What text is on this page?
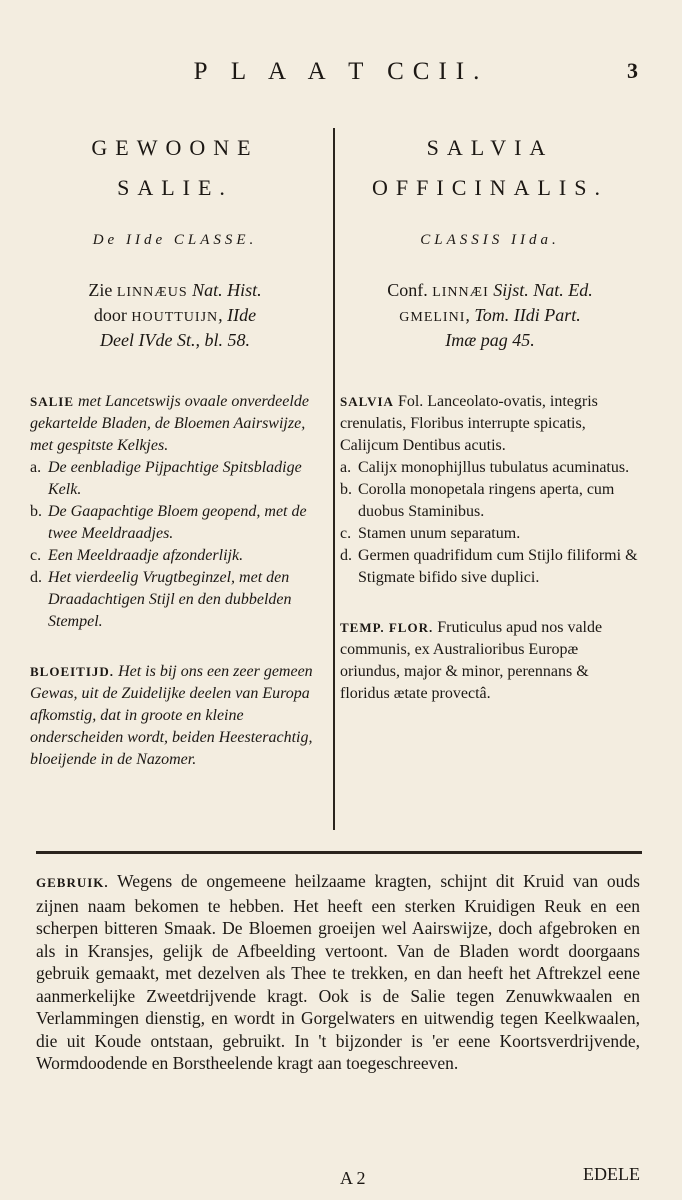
P L A A T CCII.	3
GEWOONE
SALIE.
De IIde CLASSE.
Zie LINNÆUS Nat. Hist.
door HOUTTUIJN, IIde
Deel IVde St., bl. 58.

SALIE met Lancetswijs ovaale onverdeelde gekartelde Bladen, de Bloemen Aairswijze, met gespitste Kelkjes.

a. De eenbladige Pijpachtige Spitsbladige Kelk.
b. De Gaapachtige Bloem geopend, met de twee Meeldraadjes.
c. Een Meeldraadje afzonderlijk.
d. Het vierdeelig Vrugtbeginzel, met den Draadachtigen Stijl en den dubbelden Stempel.
BLOEITIJD. Het is bij ons een zeer gemeen Gewas, uit de Zuidelijke deelen van Europa afkomstig, dat in groote en kleine onderscheiden wordt, beiden Heesterachtig, bloeijende in de Nazomer.
SALVIA
OFFICINALIS.
CLASSIS IIda.
Conf. LINNÆI Sijst. Nat. Ed.
GMELINI, Tom. IIdi Part.
Imæ pag 45.

SALVIA Fol. Lanceolato-ovatis, integris crenulatis, Floribus interrupte spicatis, Calijcum Dentibus acutis.

a. Calijx monophijllus tubulatus acuminatus.
b. Corolla monopetala ringens aperta, cum duobus Staminibus.
c. Stamen unum separatum.
d. Germen quadrifidum cum Stijlo filiformi & Stigmate bifido sive duplici.
TEMP. FLOR. Fruticulus apud nos valde communis, ex Australioribus Europæ oriundus, major & minor, perennans & floridus ætate provectâ.
GEBRUIK. Wegens de ongemeene heilzaame kragten, schijnt dit Kruid van ouds zijnen naam bekomen te hebben. Het heeft een sterken Kruidigen Reuk en een scherpen bitteren Smaak. De Bloemen groeijen wel Aairswijze, doch afgebroken en als in Kransjes, gelijk de Afbeelding vertoont. Van de Bladen wordt doorgaans gebruik gemaakt, met dezelven als Thee te trekken, en dan heeft het Aftrekzel eene aanmerkelijke Zweetdrijvende kragt. Ook is de Salie tegen Zenuwkwaalen en Verlammingen dienstig, en wordt in Gorgelwaters en uitwendig tegen Keelkwaalen, die uit Koude ontstaan, gebruikt. In 't bijzonder is 'er eene Koortsverdrijvende, Wormdoodende en Borstheelende kragt aan toegeschreeven.
A 2	EDELE
